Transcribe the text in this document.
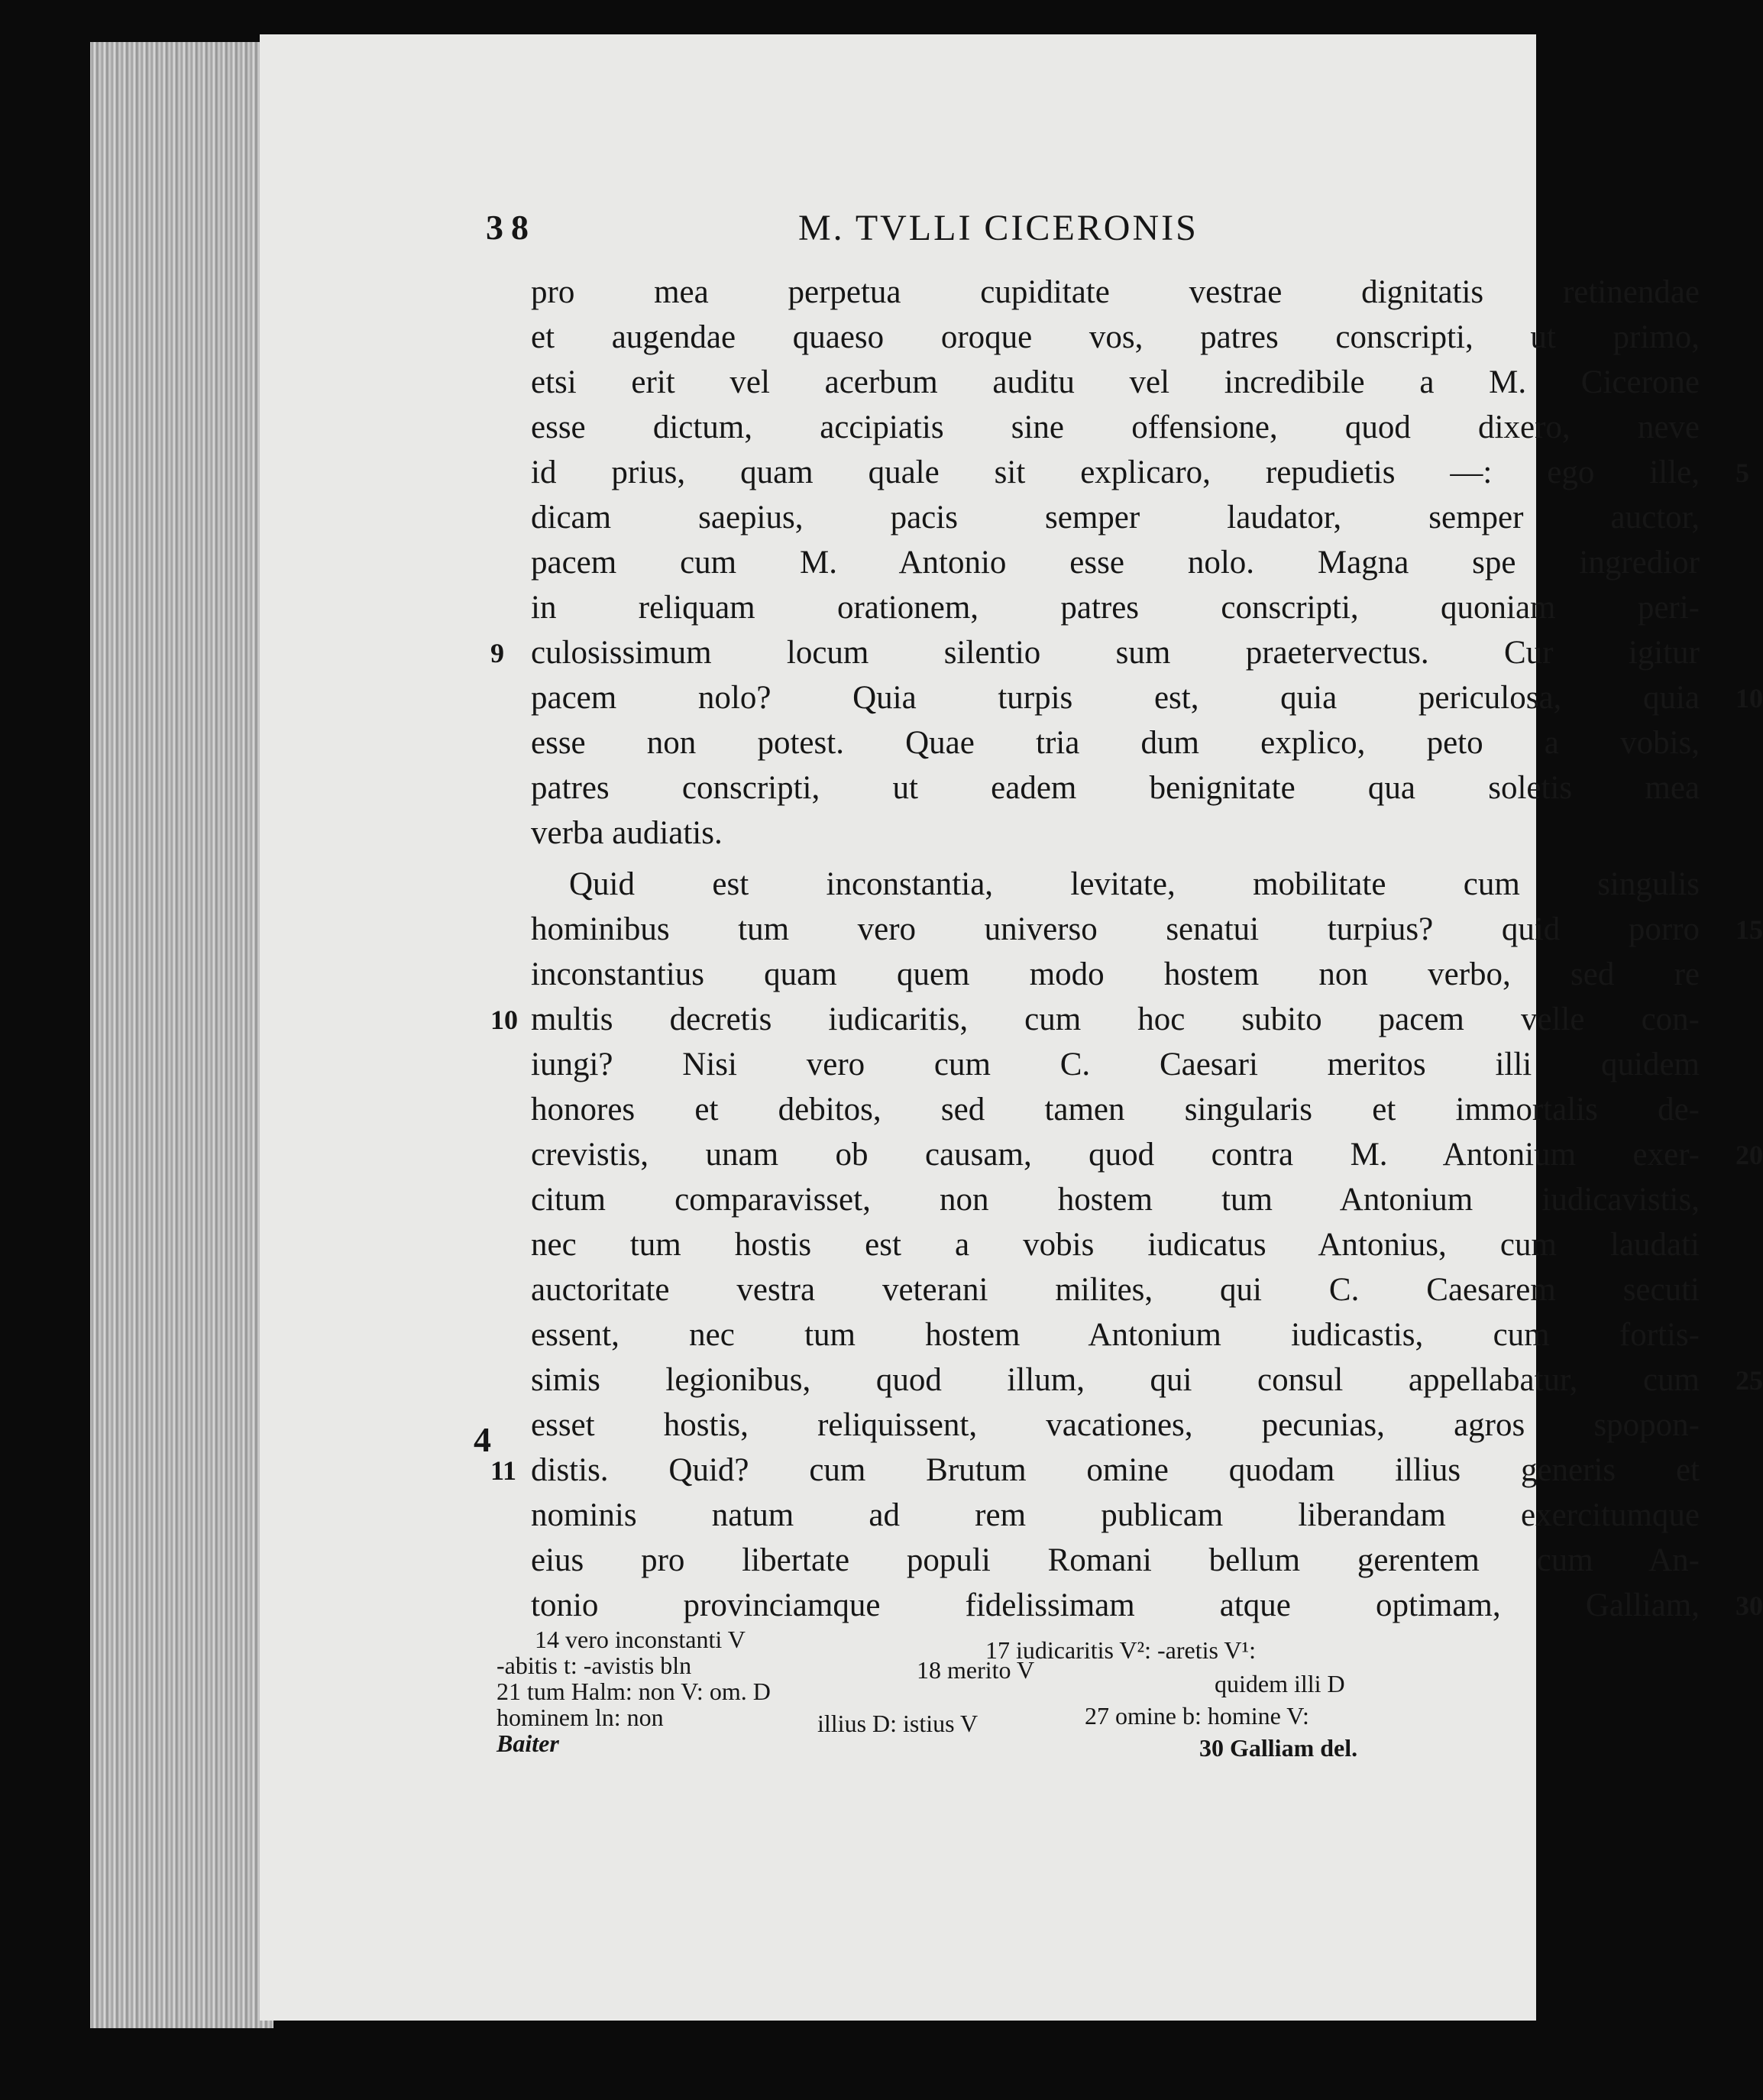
38	M. TVLLI CICERONIS
pro mea perpetua cupiditate vestrae dignitatis retinendae
et augendae quaeso oroque vos, patres conscripti, ut primo,
etsi erit vel acerbum auditu vel incredibile a M. Cicerone
esse dictum, accipiatis sine offensione, quod dixero, neve
id prius, quam quale sit explicaro, repudietis —: ego ille, 5
dicam saepius, pacis semper laudator, semper auctor,
pacem cum M. Antonio esse nolo. Magna spe ingredior
in reliquam orationem, patres conscripti, quoniam peri-
culosissimum locum silentio sum praetervectus. Cur igitur
9
pacem nolo? Quia turpis est, quia periculosa, quia 10
esse non potest. Quae tria dum explico, peto a vobis,
patres conscripti, ut eadem benignitate qua soletis mea
verba audiatis.
Quid est inconstantia, levitate, mobilitate cum singulis
hominibus tum vero universo senatui turpius? quid porro 15
inconstantius quam quem modo hostem non verbo, sed re
multis decretis iudicaritis, cum hoc subito pacem velle con-
10
iungi? Nisi vero cum C. Caesari meritos illi quidem
honores et debitos, sed tamen singularis et immortalis de-
crevistis, unam ob causam, quod contra M. Antonium exer- 20
citum comparavisset, non hostem tum Antonium iudicavistis,
nec tum hostis est a vobis iudicatus Antonius, cum laudati
auctoritate vestra veterani milites, qui C. Caesarem secuti
essent, nec tum hostem Antonium iudicastis, cum fortis-
simis legionibus, quod illum, qui consul appellabatur, cum 25
esset hostis, reliquissent, vacationes, pecunias, agros spopon-
distis. Quid? cum Brutum omine quodam illius generis et
4
11
nominis natum ad rem publicam liberandam exercitumque
eius pro libertate populi Romani bellum gerentem cum An-
tonio provinciamque fidelissimam atque optimam, Galliam, 30
14 vero inconstanti V
-abitis t: -avistis bln
21 tum Halm: non V: om. D
hominem ln: non
Baiter
18 merito V
illius D: istius V
17 iudicaritis V²: -aretis V¹:
quidem illi D
27 omine b: homine V:
30 Galliam del.
